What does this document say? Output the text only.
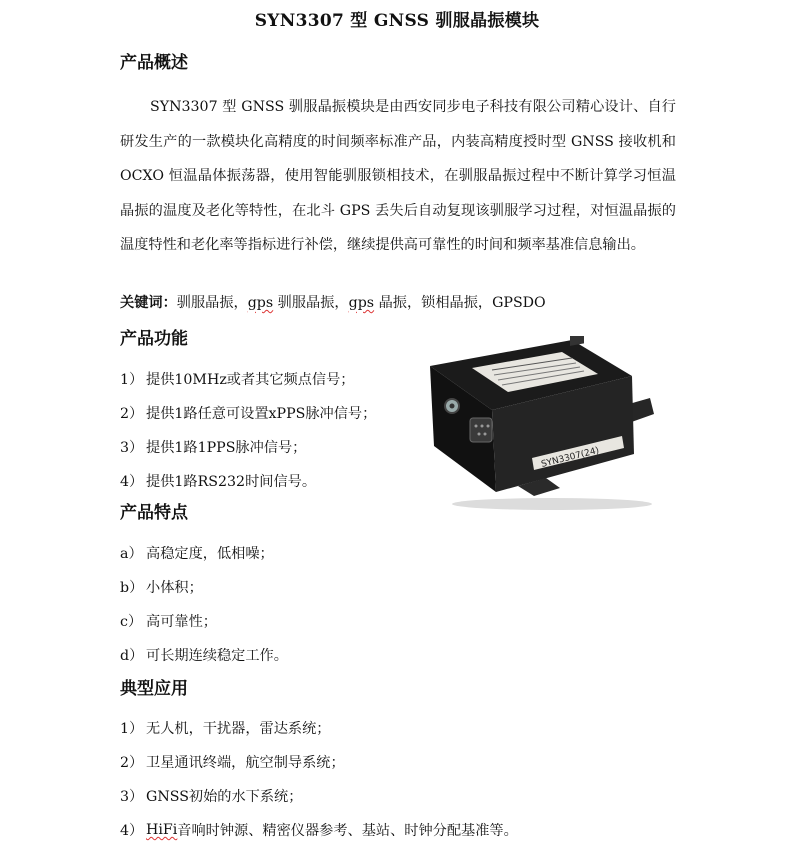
SYN3307 型 GNSS 驯服晶振模块
产品概述

SYN3307 型 GNSS 驯服晶振模块是由西安同步电子科技有限公司精心设计、自行研发生产的一款模块化高精度的时间频率标准产品，内装高精度授时型 GNSS 接收机和 OCXO 恒温晶体振荡器，使用智能驯服锁相技术，在驯服晶振过程中不断计算学习恒温晶振的温度及老化等特性，在北斗 GPS 丢失后自动复现该驯服学习过程，对恒温晶振的温度特性和老化率等指标进行补偿，继续提供高可靠性的时间和频率基准信息输出。

关键词：驯服晶振，gps 驯服晶振，gps 晶振，锁相晶振，GPSDO
产品功能
1） 提供10MHz或者其它频点信号；
2） 提供1路任意可设置xPPS脉冲信号；
3） 提供1路1PPS脉冲信号；
4） 提供1路RS232时间信号。
产品特点
a） 高稳定度，低相噪；
b） 小体积；
c） 高可靠性；
d） 可长期连续稳定工作。
典型应用
1） 无人机，干扰器，雷达系统；
2） 卫星通讯终端，航空制导系统；
3） GNSS初始的水下系统；
4） HiFi 音响时钟源、精密仪器参考、基站、时钟分配基准等。
SYN3307(24)
